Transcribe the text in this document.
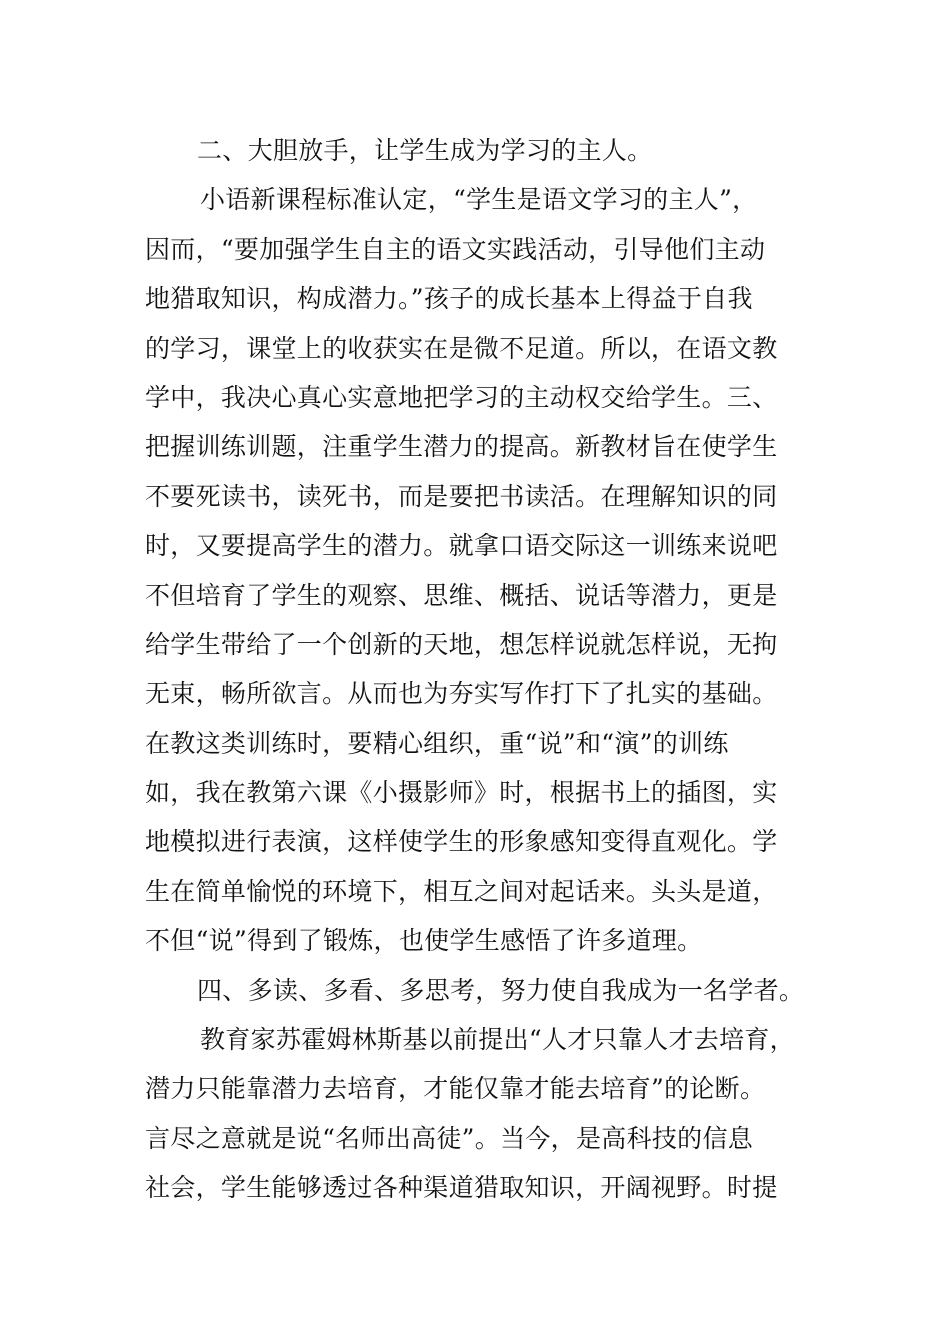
二、大胆放手，让学生成为学习的主人。
小语新课程标准认定，“学生是语文学习的主人”，
因而，“要加强学生自主的语文实践活动，引导他们主动
地猎取知识，构成潜力。”孩子的成长基本上得益于自我
的学习，课堂上的收获实在是微不足道。所以，在语文教
学中，我决心真心实意地把学习的主动权交给学生。三、
把握训练训题，注重学生潜力的提高。新教材旨在使学生
不要死读书，读死书，而是要把书读活。在理解知识的同
时，又要提高学生的潜力。就拿口语交际这一训练来说吧
不但培育了学生的观察、思维、概括、说话等潜力，更是
给学生带给了一个创新的天地，想怎样说就怎样说，无拘
无束，畅所欲言。从而也为夯实写作打下了扎实的基础。
在教这类训练时，要精心组织，重“说”和“演”的训练
如，我在教第六课《小摄影师》时，根据书上的插图，实
地模拟进行表演，这样使学生的形象感知变得直观化。学
生在简单愉悦的环境下，相互之间对起话来。头头是道，
不但“说”得到了锻炼，也使学生感悟了许多道理。
四、多读、多看、多思考，努力使自我成为一名学者。
教育家苏霍姆林斯基以前提出“人才只靠人才去培育，
潜力只能靠潜力去培育，才能仅靠才能去培育”的论断。
言尽之意就是说“名师出高徒”。当今，是高科技的信息
社会，学生能够透过各种渠道猎取知识，开阔视野。时提
